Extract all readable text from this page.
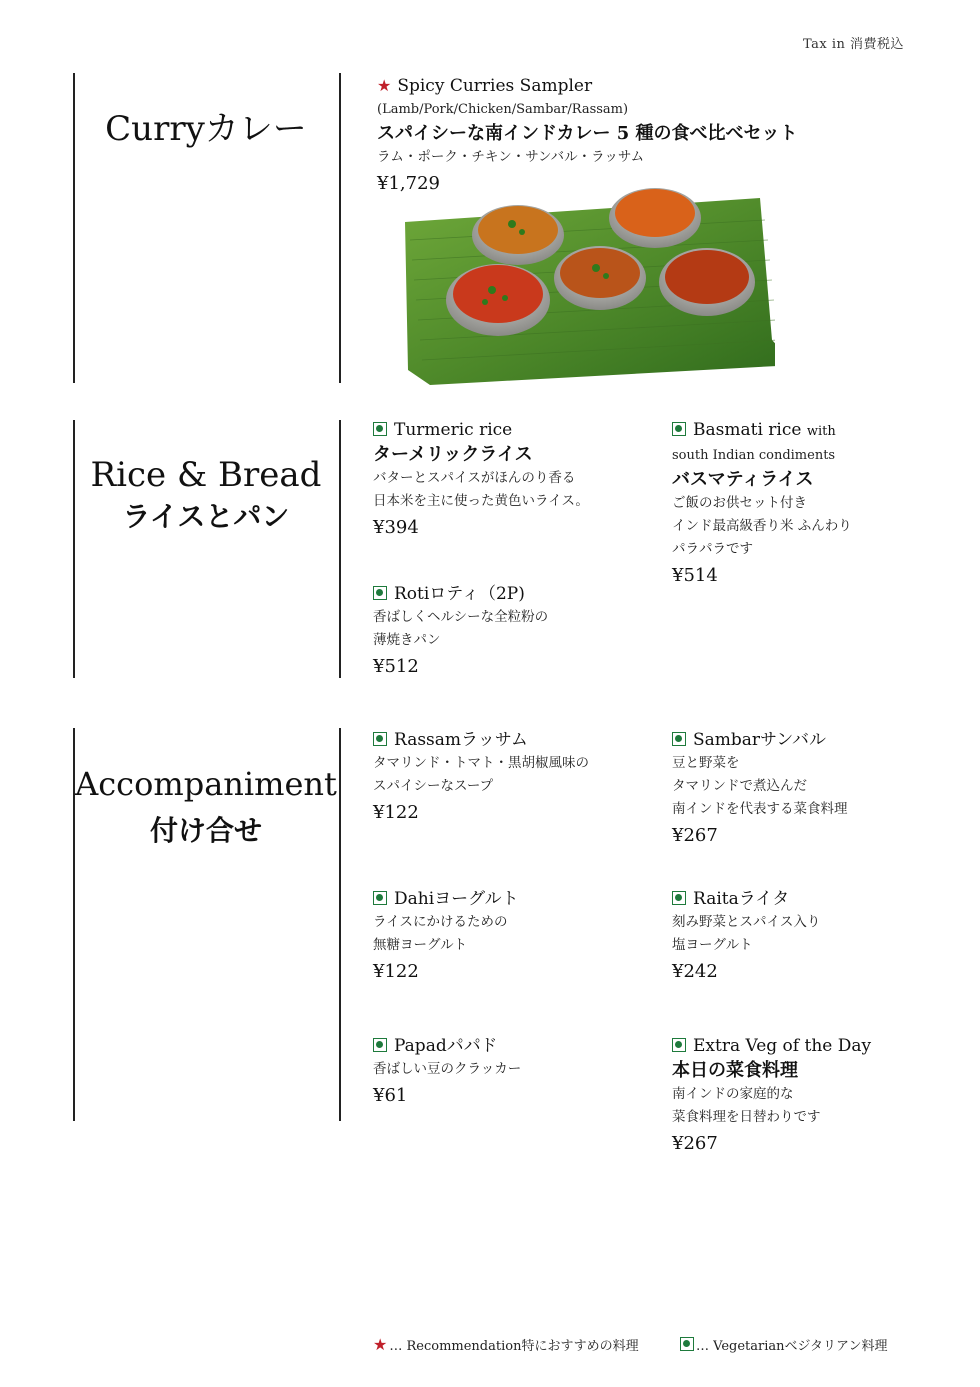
Tax in 消費税込
Curryカレー
Rice & Bread
ライスとパン
Accompaniment
付け合せ
★ Spicy Curries Sampler
(Lamb/Pork/Chicken/Sambar/Rassam)
スパイシーな南インドカレー 5 種の食べ比べセット
ラム・ポーク・チキン・サンバル・ラッサム
¥1,729
Turmeric rice
ターメリックライス
バターとスパイスがほんのり香る
日本米を主に使った黄色いライス。
¥394
Basmati rice with
south Indian condiments
バスマティライス
ご飯のお供セット付き
インド最高級香り米 ふんわり
パラパラです
¥514
Rotiロティ（2P)
香ばしくヘルシーな全粒粉の
薄焼きパン
¥512
Rassamラッサム
タマリンド・トマト・黒胡椒風味の
スパイシーなスープ
¥122
Sambarサンバル
豆と野菜を
タマリンドで煮込んだ
南インドを代表する菜食料理
¥267
Dahiヨーグルト
ライスにかけるための
無糖ヨーグルト
¥122
Raitaライタ
刻み野菜とスパイス入り
塩ヨーグルト
¥242
Papadパパド
香ばしい豆のクラッカー
¥61
Extra Veg of the Day
本日の菜食料理
南インドの家庭的な
菜食料理を日替わりです
¥267
★ … Recommendation特におすすめの料理	… Vegetarianベジタリアン料理
